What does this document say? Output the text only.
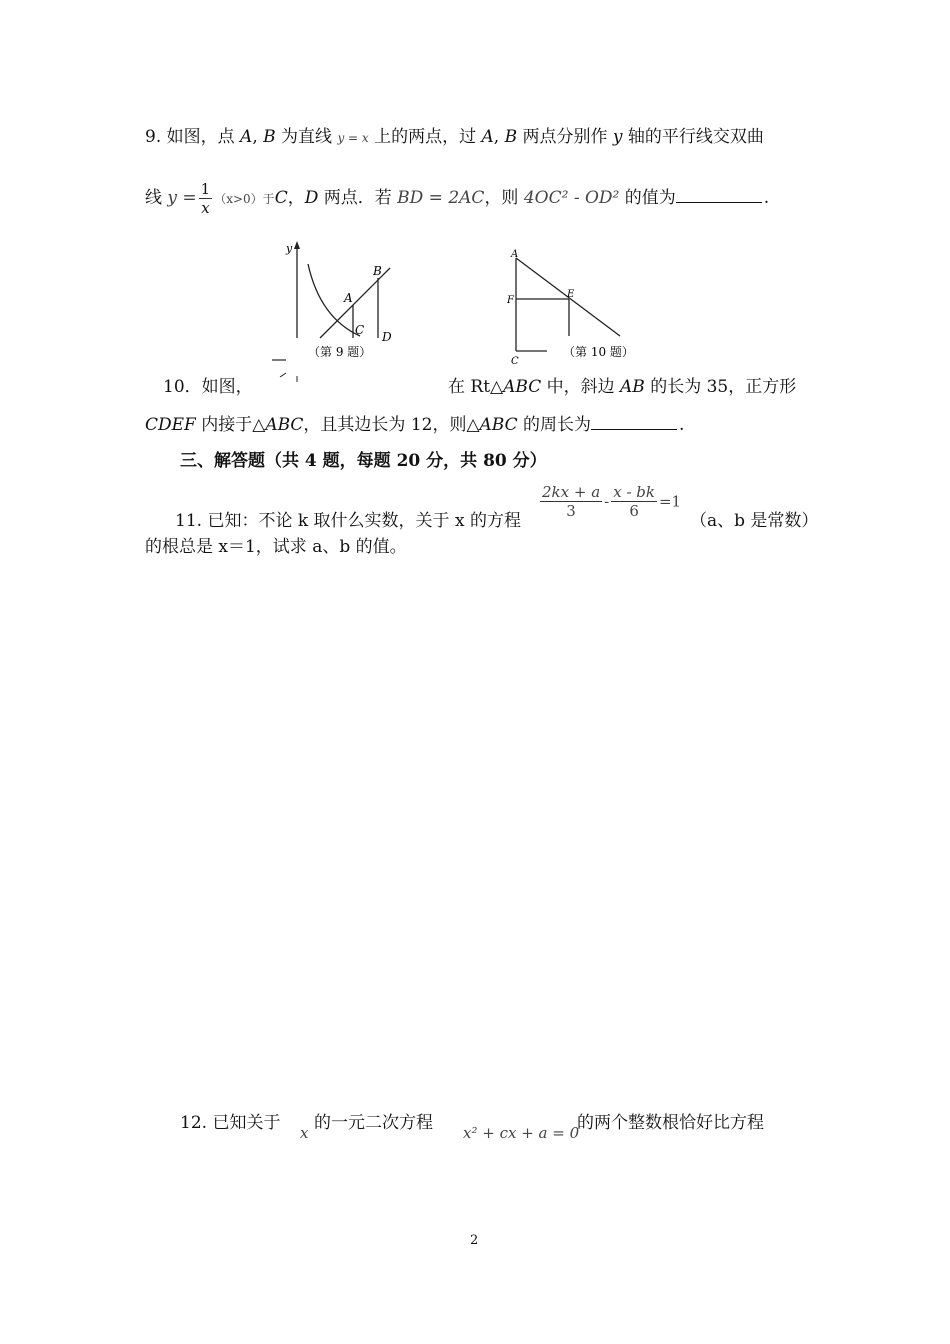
9. 如图，点 A, B 为直线 y = x 上的两点，过 A, B 两点分别作 y 轴的平行线交双曲
线 $y = \frac{1}{x} (x>0)$于C，D 两点．若 BD = 2AC，则 4OC² - OD² 的值为	.
y
A
B
C D
（第 9 题）
A
F
E
C
（第 10 题）
10．如图，	在 Rt△ABC 中，斜边 AB 的长为 35，正方形
CDEF 内接于△ABC，且其边长为 12，则△ABC 的周长为	.
三、解答题（共 4 题，每题 20 分，共 80 分）
11. 已知：不论 k 取什么实数，关于 x 的方程
$\frac{2kx + a}{3} - \frac{x - bk}{6} =1$
（a、b 是常数）
的根总是 x＝1，试求 a、b 的值。
12. 已知关于 x 的一元二次方程 x² + cx + a = 0
的两个整数根恰好比方程
2
